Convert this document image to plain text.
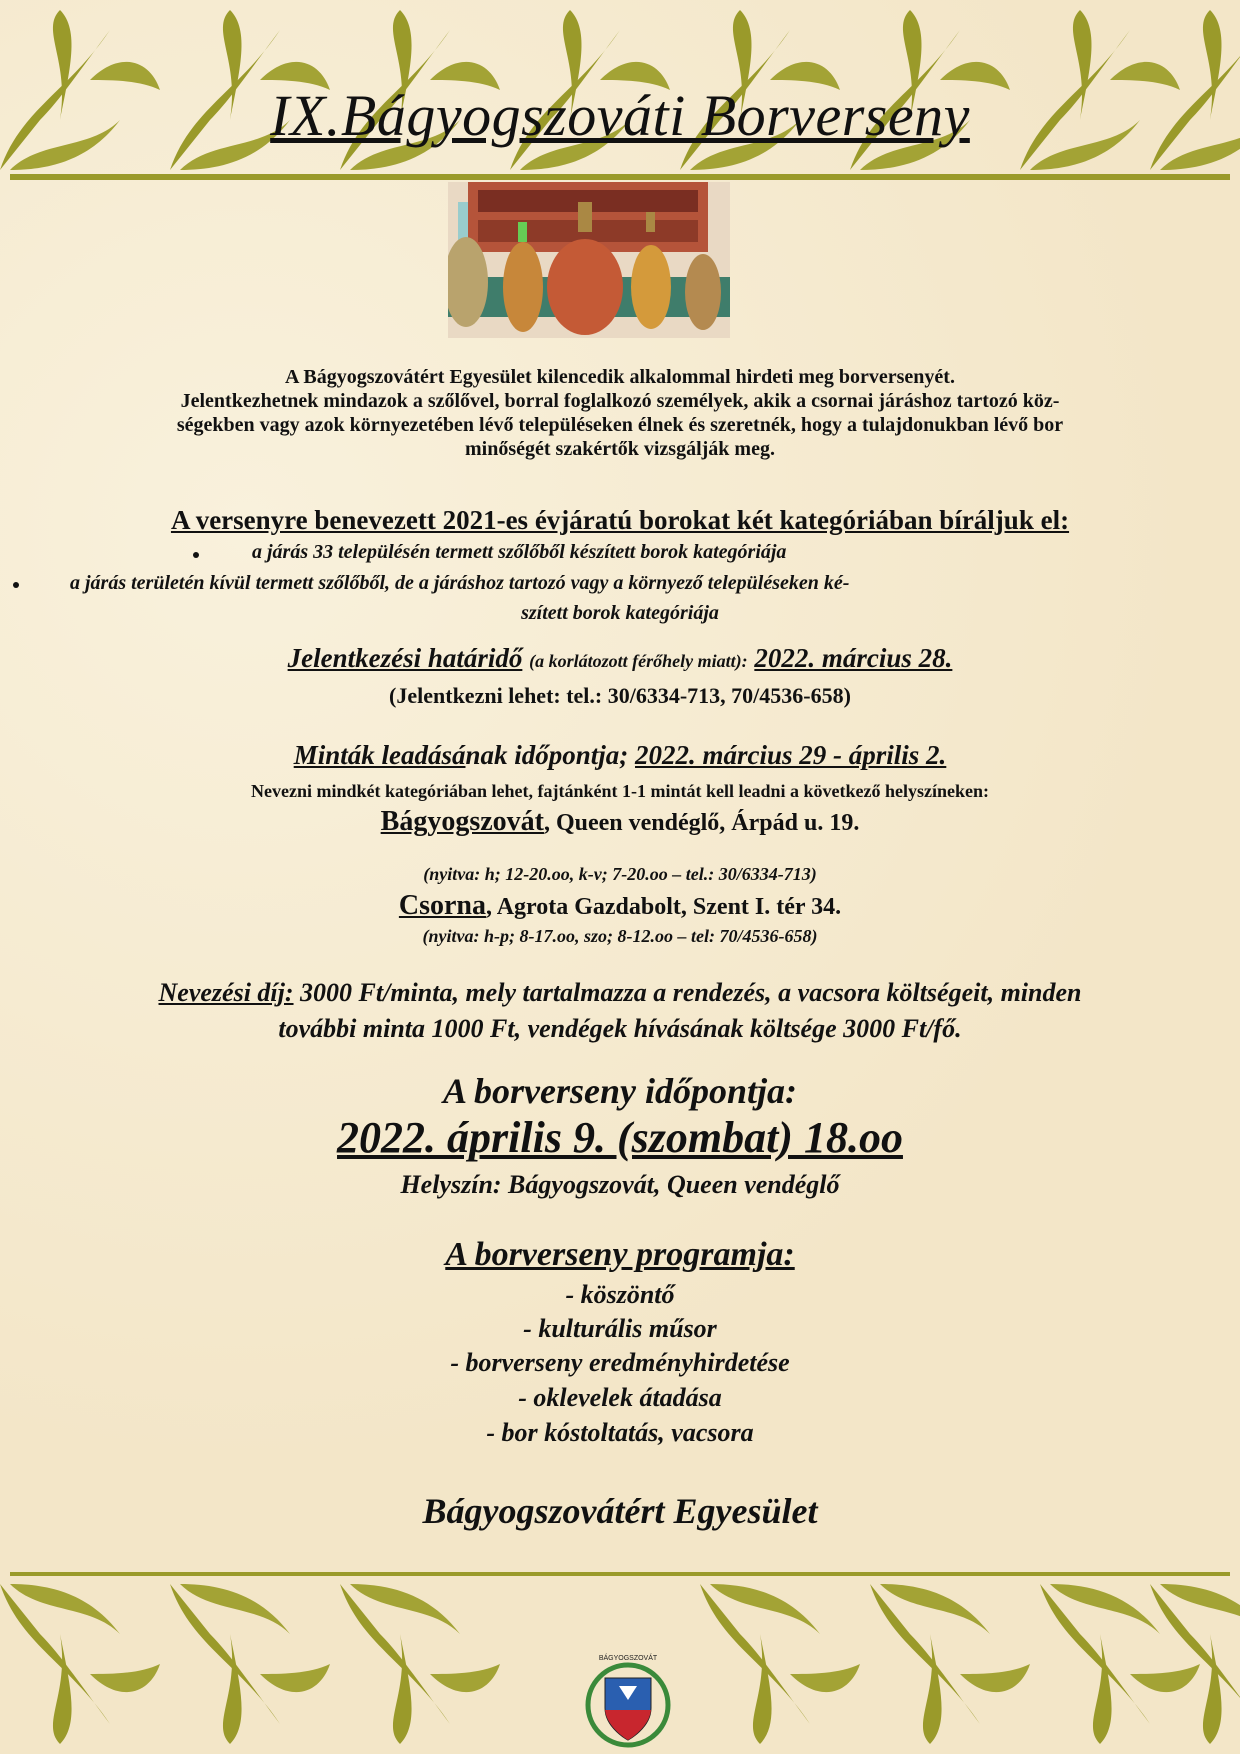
IX.Bágyogszováti Borverseny

A Bágyogszovátért Egyesület kilencedik alkalommal hirdeti meg borversenyét.

Jelentkezhetnek mindazok a szőlővel, borral foglalkozó személyek, akik a csornai járáshoz tartozó köz-

ségekben vagy azok környezetében lévő településeken élnek és szeretnék, hogy a tulajdonukban lévő bor

minőségét szakértők vizsgálják meg.

A versenyre benevezett 2021-es évjáratú borokat két kategóriában bíráljuk el:
a járás 33 településén termett szőlőből készített borok kategóriája
a járás területén kívül termett szőlőből, de a járáshoz tartozó vagy a környező településeken ké-
szített borok kategóriája
Jelentkezési határidő (a korlátozott férőhely miatt): 2022. március 28.
(Jelentkezni lehet: tel.: 30/6334-713, 70/4536-658)
Minták leadásának időpontja; 2022. március 29 - április 2.
Nevezni mindkét kategóriában lehet, fajtánként 1-1 mintát kell leadni a következő helyszíneken:
Bágyogszovát, Queen vendéglő, Árpád u. 19.
(nyitva: h; 12-20.oo, k-v; 7-20.oo – tel.: 30/6334-713)
Csorna, Agrota Gazdabolt, Szent I. tér 34.
(nyitva: h-p; 8-17.oo, szo; 8-12.oo – tel: 70/4536-658)
Nevezési díj: 3000 Ft/minta, mely tartalmazza a rendezés, a vacsora költségeit, minden
további minta 1000 Ft, vendégek hívásának költsége 3000 Ft/fő.
A borverseny időpontja:
2022. április 9. (szombat) 18.oo
Helyszín: Bágyogszovát, Queen vendéglő
A borverseny programja:
- köszöntő
- kulturális műsor
- borverseny eredményhirdetése
- oklevelek átadása
- bor kóstoltatás, vacsora
Bágyogszovátért Egyesület
BÁGYOGSZOVÁT
